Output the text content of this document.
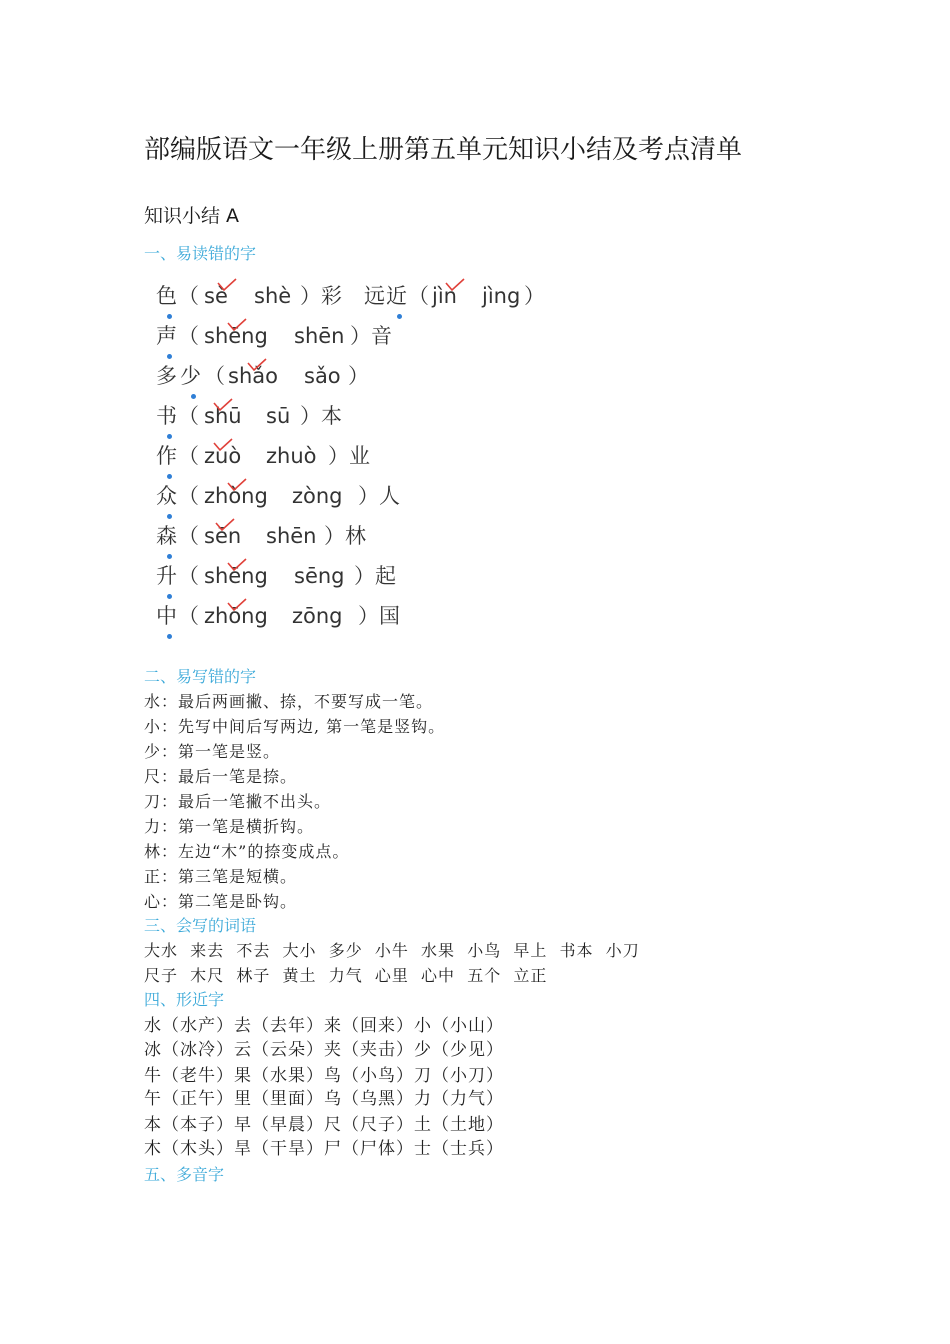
部编版语文一年级上册第五单元知识小结及考点清单
知识小结 A
一、易读错的字
色 （ sè shè ）彩 远 近 （ jìn jìng ）
声 （ shēng shēn ）音
多 少 （ shǎo sǎo ）
书 （ shū sū ）本
作 （ zuò zhuò ）业
众 （ zhòng zòng ）人
森 （ sēn shēn ）林
升 （ shēng sēng ）起
中 （ zhōng zōng ）国
二、易写错的字
水：最后两画撇、捺，不要写成一笔。
小：先写中间后写两边, 第一笔是竖钩。
少：第一笔是竖。
尺：最后一笔是捺。
刀：最后一笔撇不出头。
力：第一笔是横折钩。
林：左边“木”的捺变成点。
正：第三笔是短横。
心：第二笔是卧钩。
三、会写的词语
大水  来去  不去  大小  多少  小牛  水果  小鸟  早上  书本  小刀
尺子  木尺  林子  黄土  力气  心里  心中  五个  立正
四、形近字
水（水产）去（去年）来（回来）小（小山）
冰（冰冷）云（云朵）夹（夹击）少（少见）
牛（老牛）果（水果）鸟（小鸟）刀（小刀）
午（正午）里（里面）乌（乌黑）力（力气）
本（本子）早（早晨）尺（尺子）土（土地）
木（木头）旱（干旱）尸（尸体）士（士兵）
五、多音字
